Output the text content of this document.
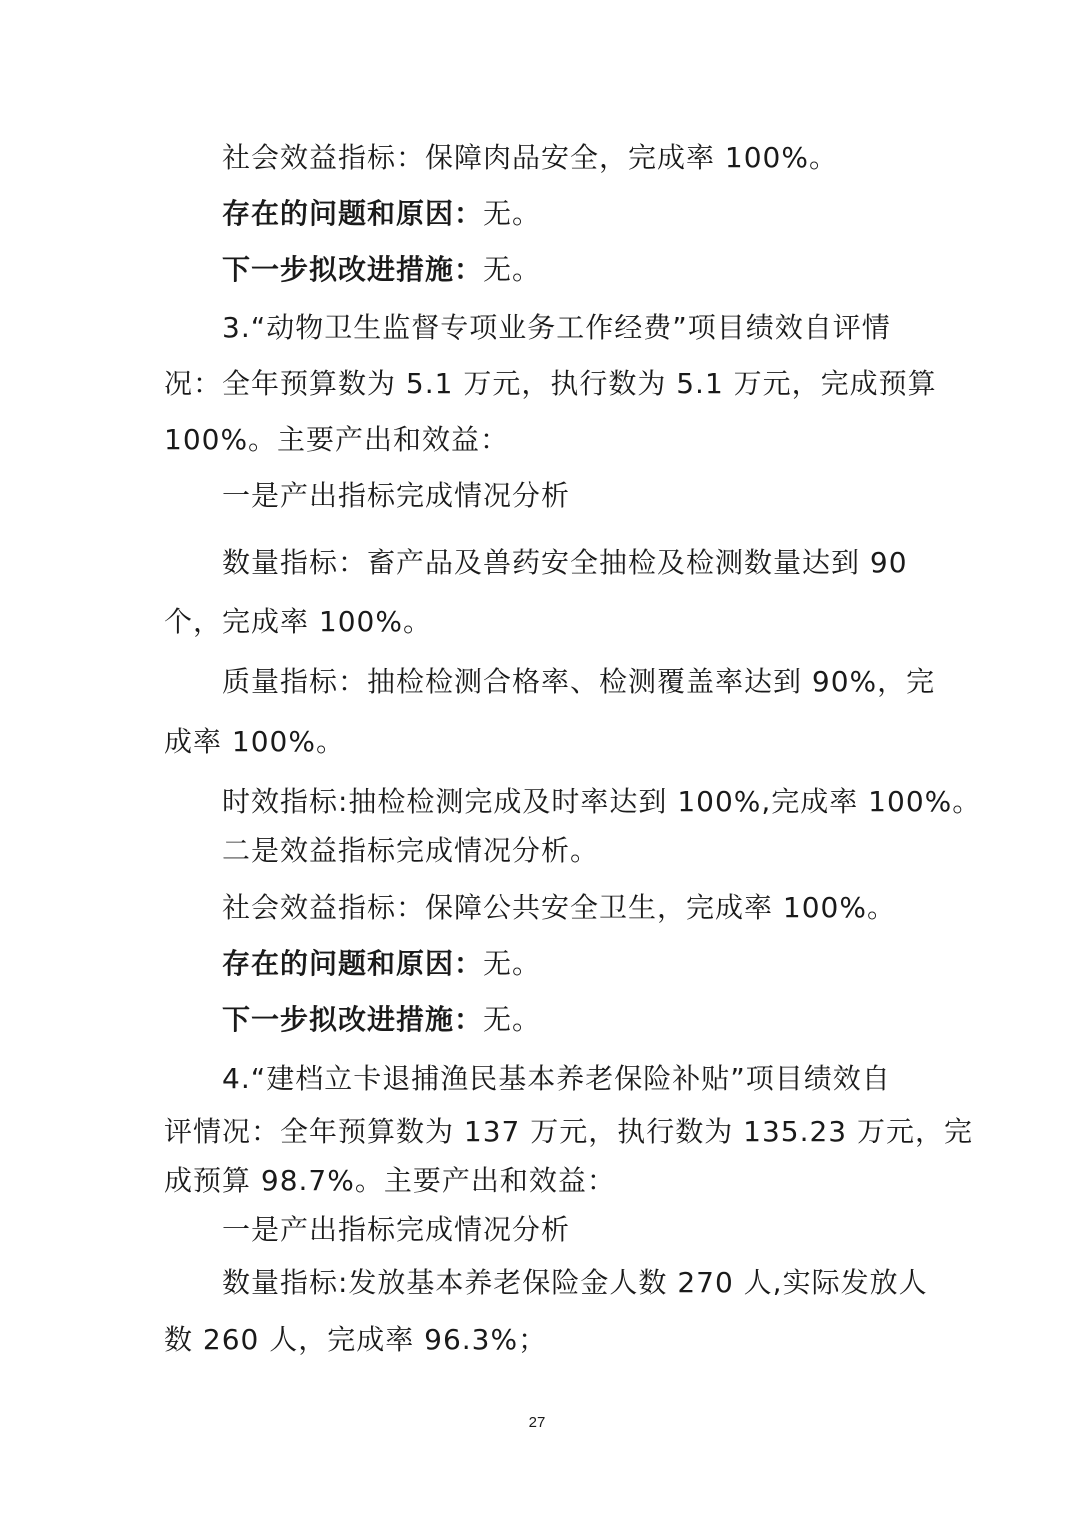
社会效益指标：保障肉品安全，完成率 100%。
存在的问题和原因：无。
下一步拟改进措施：无。
3.“动物卫生监督专项业务工作经费”项目绩效自评情
况：全年预算数为 5.1 万元，执行数为 5.1 万元，完成预算
100%。主要产出和效益：
一是产出指标完成情况分析
数量指标：畜产品及兽药安全抽检及检测数量达到 90
个，完成率 100%。
质量指标：抽检检测合格率、检测覆盖率达到 90%，完
成率 100%。
时效指标:抽检检测完成及时率达到 100%,完成率 100%。
二是效益指标完成情况分析。
社会效益指标：保障公共安全卫生，完成率 100%。
存在的问题和原因：无。
下一步拟改进措施：无。
4.“建档立卡退捕渔民基本养老保险补贴”项目绩效自
评情况：全年预算数为 137 万元，执行数为 135.23 万元，完
成预算 98.7%。主要产出和效益：
一是产出指标完成情况分析
数量指标:发放基本养老保险金人数 270 人,实际发放人
数 260 人，完成率 96.3%；
27
